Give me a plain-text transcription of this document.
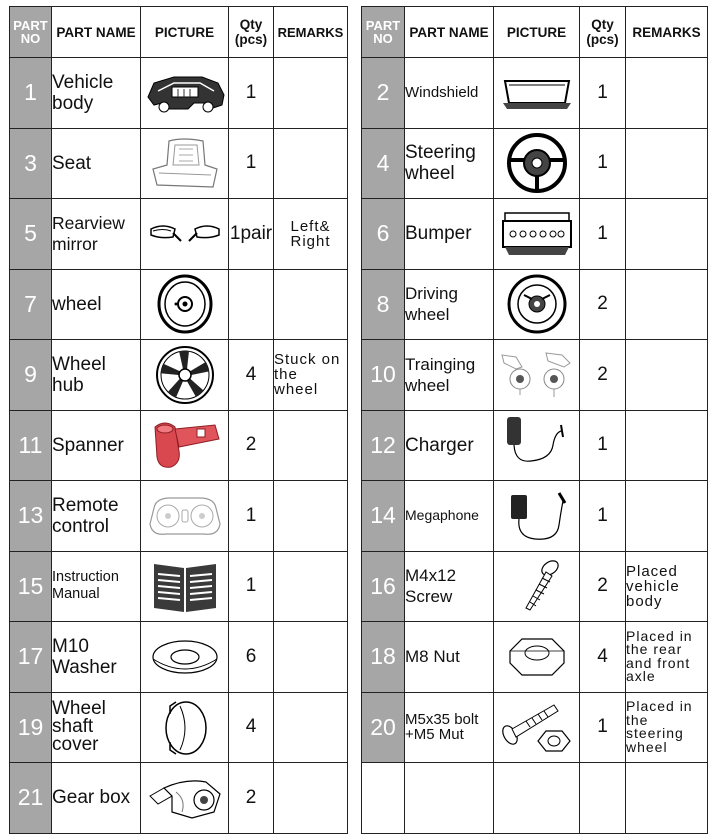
PART NO	PART NAME	PICTURE	Qty (pcs)	REMARKS
1	Vehicle body		1	
3	Seat		1	
5	Rearview mirror		1pair	Left& Right
7	wheel	

9	Wheel hub		4	Stuck on the wheel
11	Spanner		2	
13	Remote control		1	
15	Instruction Manual		1	
17	M10 Washer		6	
19	Wheel shaft cover		4	
21	Gear box		2	
PART NO	PART NAME	PICTURE	Qty (pcs)	REMARKS
2	Windshield		1	
4	Steering wheel		1	
6	Bumper		1	
8	Driving wheel		2	
10	Trainging wheel		2	
12	Charger		1	
14	Megaphone		1	
16	M4x12 Screw		2	Placed vehicle body
18	M8 Nut		4	Placed in the rear and front axle
20	M5x35 bolt +M5 Mut		1	Placed in the steering wheel
